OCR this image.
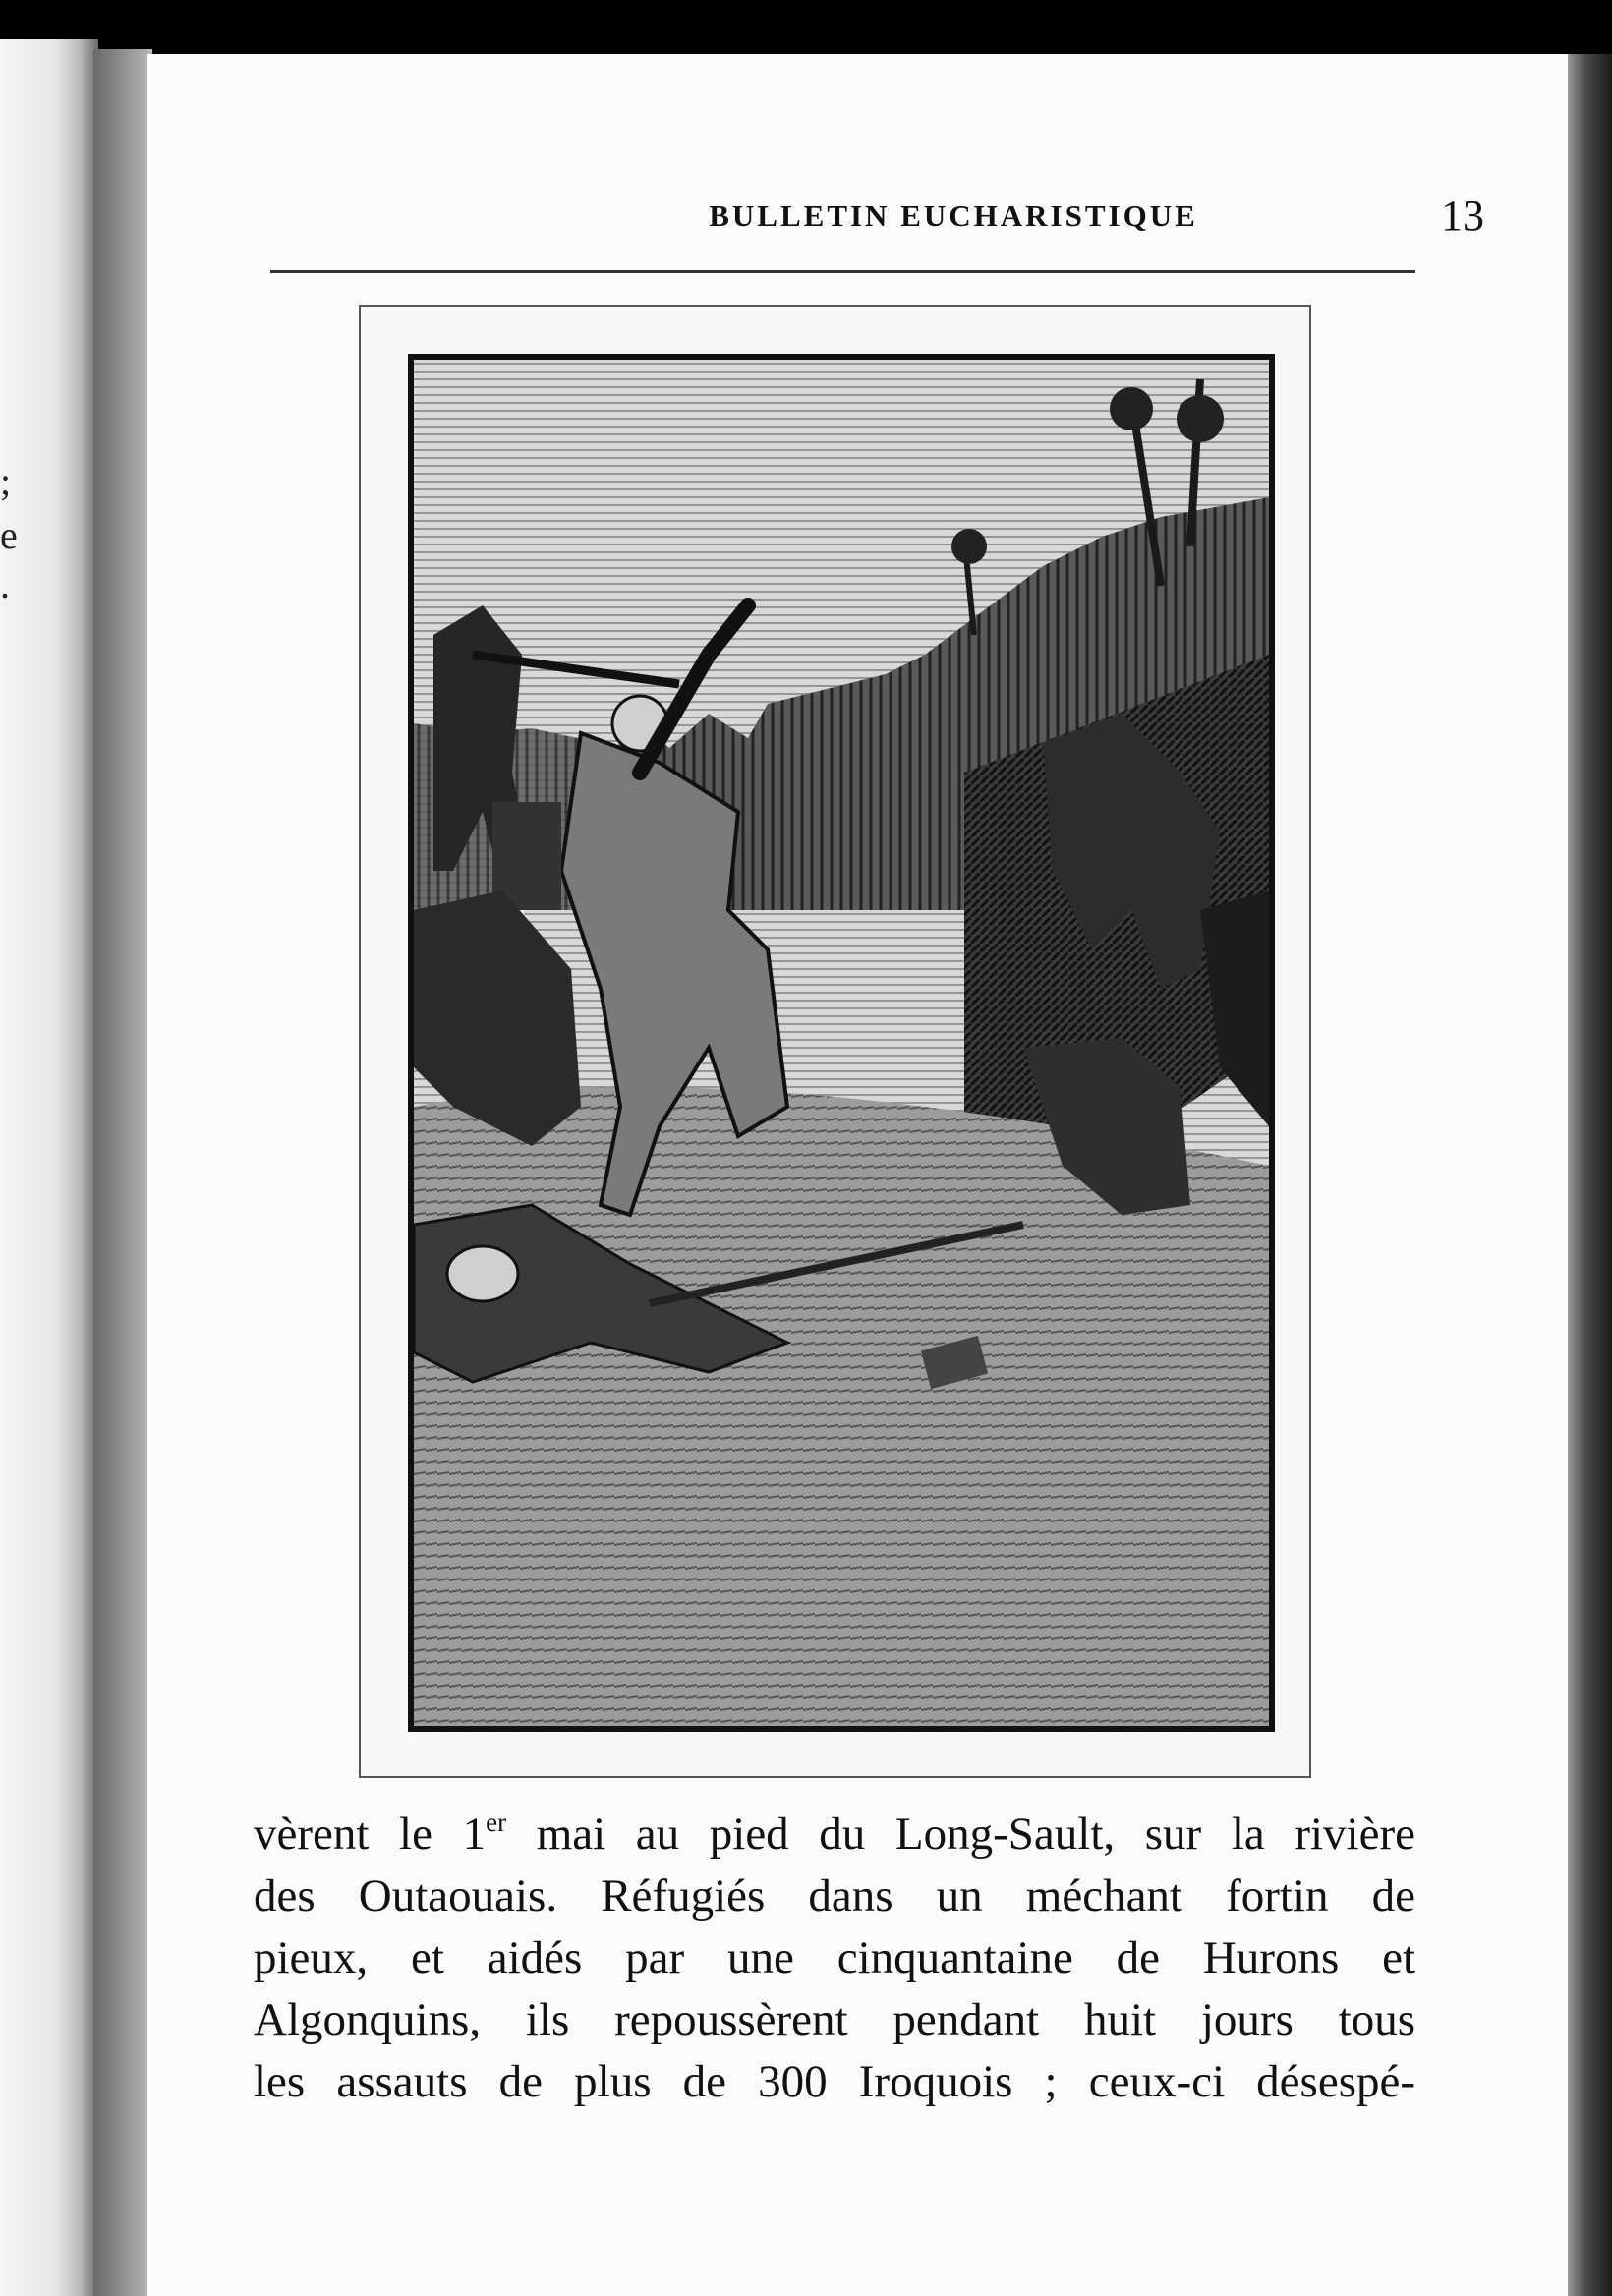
;
e
.
BULLETIN EUCHARISTIQUE	13
vèrent le 1er mai au pied du Long-Sault, sur la rivière
des Outaouais. Réfugiés dans un méchant fortin de
pieux, et aidés par une cinquantaine de Hurons et
Algonquins, ils repoussèrent pendant huit jours tous
les assauts de plus de 300 Iroquois ; ceux-ci désespé-
